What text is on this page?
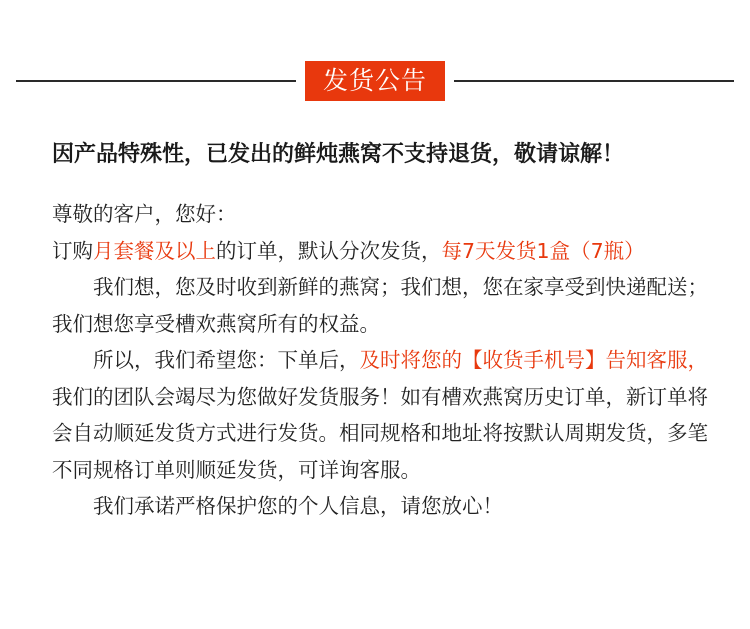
发货公告
因产品特殊性，已发出的鲜炖燕窝不支持退货，敬请谅解！

尊敬的客户，您好：

订购月套餐及以上的订单，默认分次发货，每7天发货1盒（7瓶）

我们想，您及时收到新鲜的燕窝；我们想，您在家享受到快递配送；我们想您享受槽欢燕窝所有的权益。

所以，我们希望您：下单后，及时将您的【收货手机号】告知客服，我们的团队会竭尽为您做好发货服务！如有槽欢燕窝历史订单，新订单将会自动顺延发货方式进行发货。相同规格和地址将按默认周期发货，多笔不同规格订单则顺延发货，可详询客服。

我们承诺严格保护您的个人信息，请您放心！
